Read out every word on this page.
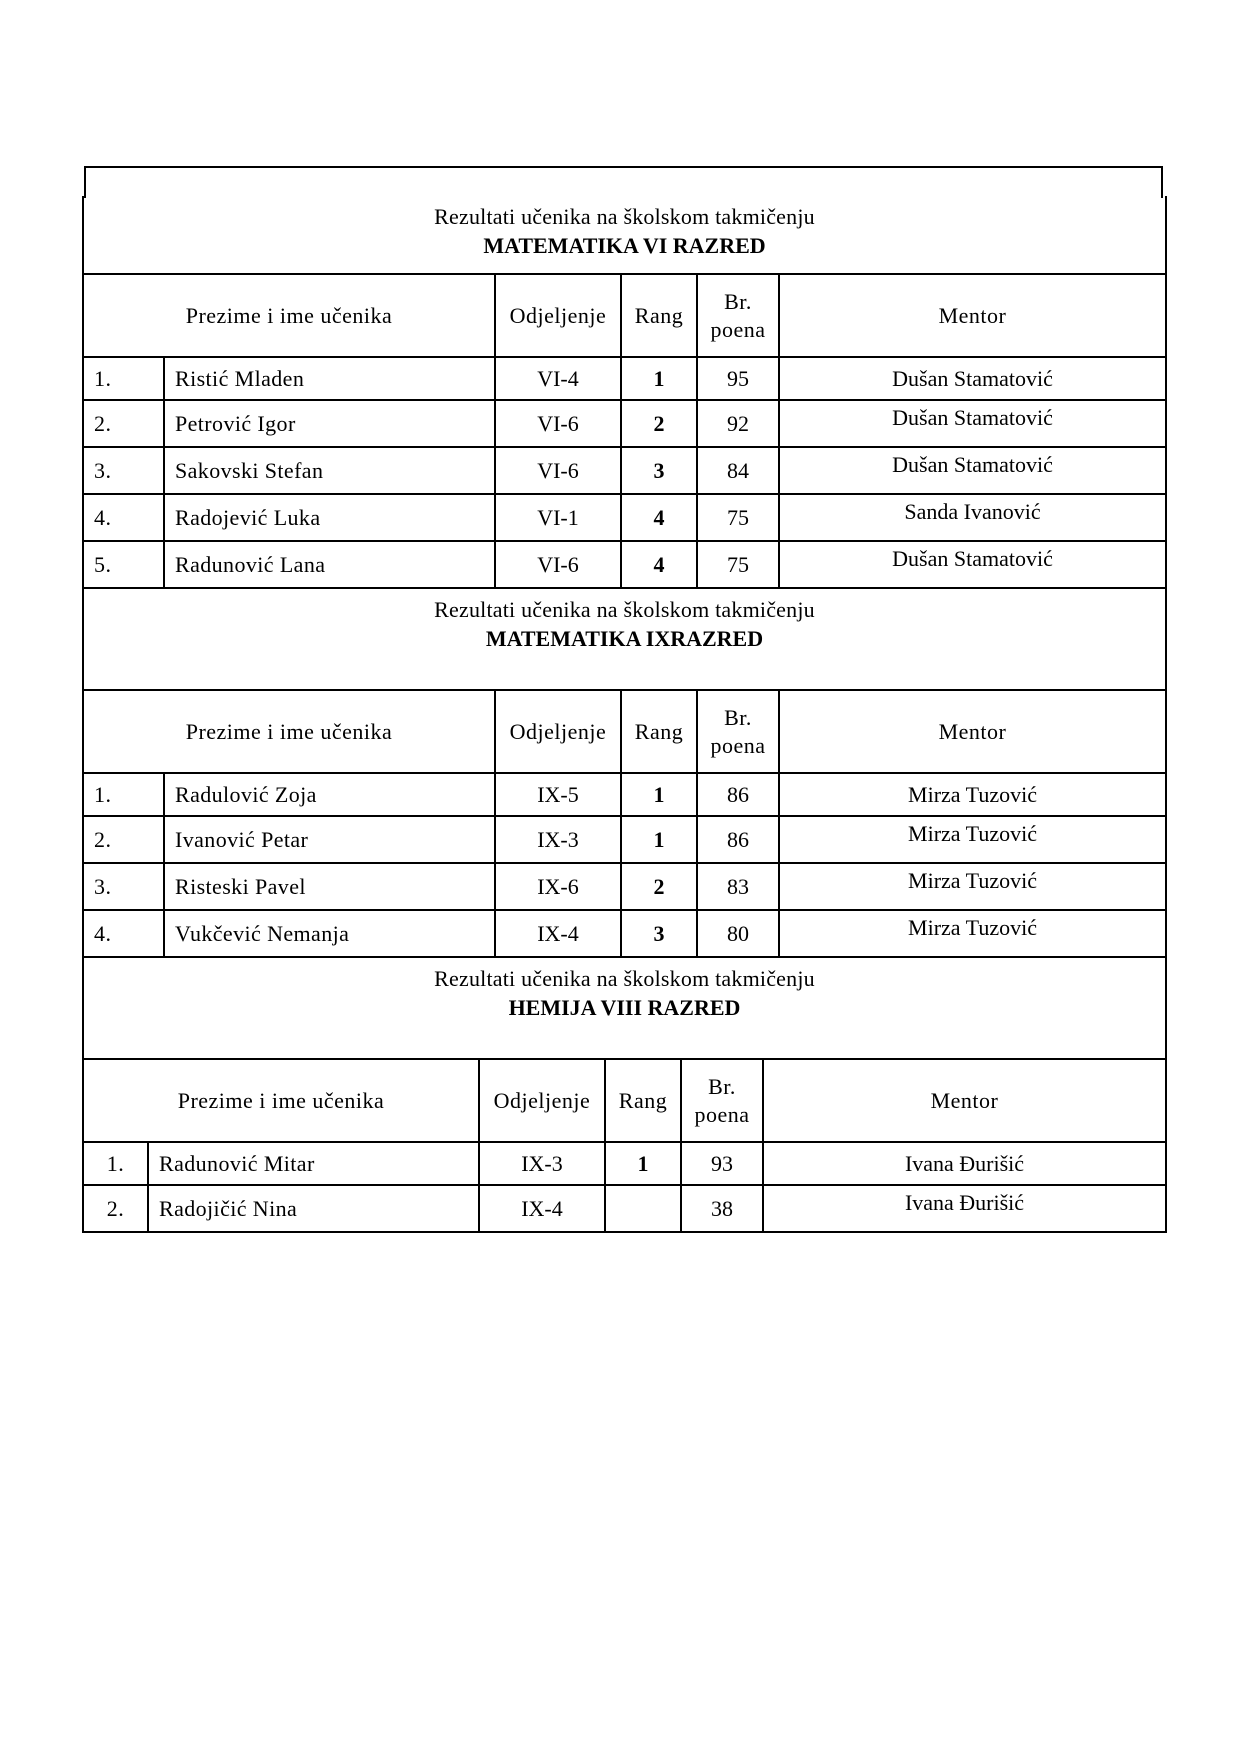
Rezultati učenika na školskom takmičenju
MATEMATIKA VI RAZRED					

Prezime i ime učenika		Odjeljenje	Rang	Br.
poena	Mentor
1.	Ristić Mladen	VI-4	1	95	Dušan Stamatović
2.	Petrović Igor	VI-6	2	92	Dušan Stamatović
3.	Sakovski Stefan	VI-6	3	84	Dušan Stamatović
4.	Radojević Luka	VI-1	4	75	Sanda Ivanović
5.	Radunović Lana	VI-6	4	75	Dušan Stamatović
Rezultati učenika na školskom takmičenju
MATEMATIKA IXRAZRED					

Prezime i ime učenika		Odjeljenje	Rang	Br.
poena	Mentor
1.	Radulović Zoja	IX-5	1	86	Mirza Tuzović
2.	Ivanović Petar	IX-3	1	86	Mirza Tuzović
3.	Risteski Pavel	IX-6	2	83	Mirza Tuzović
4.	Vukčević Nemanja	IX-4	3	80	Mirza Tuzović
Rezultati učenika na školskom takmičenju
HEMIJA VIII RAZRED					

Prezime i ime učenika		Odjeljenje	Rang	Br.
poena	Mentor
1.	Radunović Mitar	IX-3	1	93	Ivana Đurišić
2.	Radojičić Nina	IX-4		38	Ivana Đurišić
